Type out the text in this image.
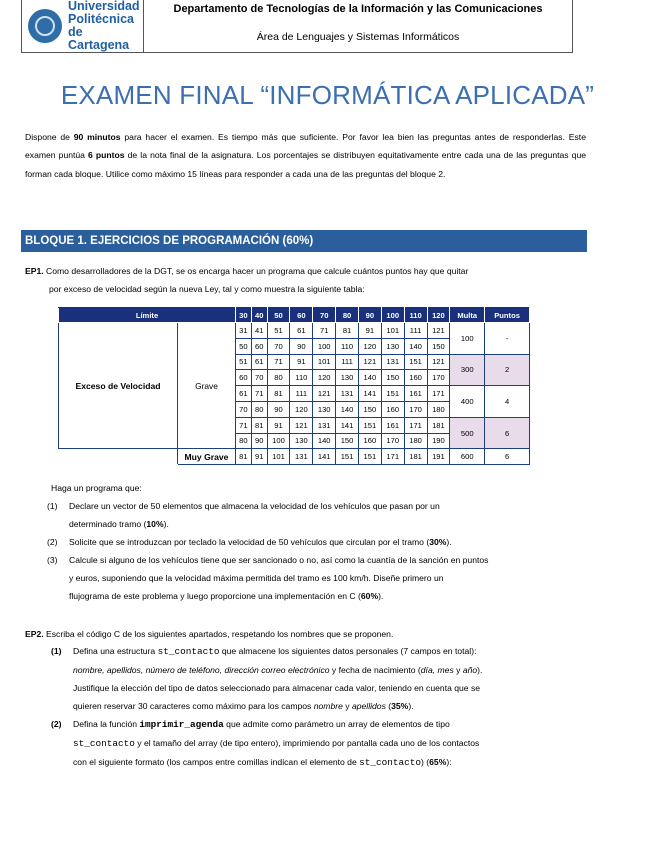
Universidad
Politécnica
de Cartagena
Departamento de Tecnologías de la Información y las Comunicaciones
Área de Lenguajes y Sistemas Informáticos
EXAMEN FINAL “INFORMÁTICA APLICADA”
Dispone de 90 minutos para hacer el examen. Es tiempo más que suficiente. Por favor lea bien las preguntas antes de responderlas. Este examen puntúa 6 puntos de la nota final de la asignatura. Los porcentajes se distribuyen equitativamente entre cada una de las preguntas que forman cada bloque. Utilice como máximo 15 líneas para responder a cada una de las preguntas del bloque 2.
BLOQUE 1. EJERCICIOS DE PROGRAMACIÓN (60%)
EP1. Como desarrolladores de la DGT, se os encarga hacer un programa que calcule cuántos puntos hay que quitar
por exceso de velocidad según la nueva Ley, tal y como muestra la siguiente tabla:
Límite		30	40	50	60	70	80	90	100	110	120	Multa	Puntos
Exceso de Velocidad	Grave	31	41	51	61	71	81	91	101	111	121	100	-
		50	60	70	90	100	110	120	130	140	150		
		51	61	71	91	101	111	121	131	151	121	300	2
		60	70	80	110	120	130	140	150	160	170		
		61	71	81	111	121	131	141	151	161	171	400	4
		70	80	90	120	130	140	150	160	170	180		
		71	81	91	121	131	141	151	161	171	181	500	6
		80	90	100	130	140	150	160	170	180	190		
	Muy Grave	81	91	101	131	141	151	151	171	181	191	600	6
Haga un programa que:
(1) Declare un vector de 50 elementos que almacena la velocidad de los vehículos que pasan por un
determinado tramo (10%).
(2) Solicite que se introduzcan por teclado la velocidad de 50 vehículos que circulan por el tramo (30%).
(3) Calcule si alguno de los vehículos tiene que ser sancionado o no, así como la cuantía de la sanción en puntos
y euros, suponiendo que la velocidad máxima permitida del tramo es 100 km/h. Diseñe primero un
flujograma de este problema y luego proporcione una implementación en C (60%).
EP2. Escriba el código C de los siguientes apartados, respetando los nombres que se proponen.
(1) Defina una estructura st_contacto que almacene los siguientes datos personales (7 campos en total):
nombre, apellidos, número de teléfono, dirección correo electrónico y fecha de nacimiento (día, mes y año).
Justifique la elección del tipo de datos seleccionado para almacenar cada valor, teniendo en cuenta que se
quieren reservar 30 caracteres como máximo para los campos nombre y apellidos (35%).
(2) Defina la función imprimir_agenda que admite como parámetro un array de elementos de tipo
st_contacto y el tamaño del array (de tipo entero), imprimiendo por pantalla cada uno de los contactos
con el siguiente formato (los campos entre comillas indican el elemento de st_contacto) (65%):
